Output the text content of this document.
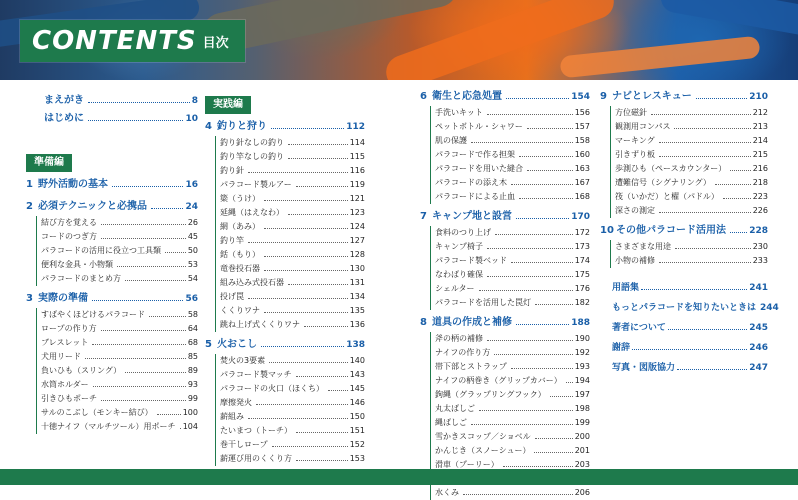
CONTENTS 目次
まえがき	8
はじめに	10
準備編
1 野外活動の基本	16
2 必須テクニックと必携品	24
結び方を覚える	26
コードのつぎ方	45
パラコードの活用に役立つ工具類	50
便利な金具・小物類	53
パラコードのまとめ方	54
3 実際の準備	56
すばやくほどけるパラコード	58
ロープの作り方	64
ブレスレット	68
犬用リード	85
負いひも（スリング）	89
水筒ホルダー	93
引きひもポーチ	99
サルのこぶし（モンキー結び）	100
十徳ナイフ（マルチツール）用ポーチ 104
実践編
4 釣りと狩り	112
釣り針なしの釣り	114
釣り竿なしの釣り	115
釣り針	116
パラコード製ルアー	119
簗（うけ）	121
延縄（はえなわ）	123
網（あみ）	124
釣り竿	127
銛（もり）	128
竜巻投石器	130
組み込み式投石器	131
投げ罠	134
くくりワナ	135
跳ね上げ式くくりワナ	136
5 火おこし	138
焚火の3要素	140
パラコード製マッチ	143
パラコードの火口（ほくち）	145
摩擦発火	146
薪組み	150
たいまつ（トーチ）	151
巻干しロープ	152
薪運び用のくくり方	153
6 衛生と応急処置	154
手洗いキット	156
ペットボトル・シャワー	157
肌の保護	158
パラコードで作る担架	160
パラコードを用いた縫合	163
パラコードの添え木	167
パラコードによる止血	168
7 キャンプ地と設営	170
食料のつり上げ	172
キャンプ椅子	173
パラコード製ベッド	174
なわばり確保	175
シェルター	176
パラコードを活用した罠灯	182
8 道具の作成と補修	188
斧の柄の補修	190
ナイフの作り方	192
帯下部とストラップ	193
ナイフの柄巻き（グリップカバー） 194
鉤縄（グラップリングフック）	197
丸太ばしご	198
縄ばしご	199
雪かきスコップ／ショベル	200
かんじき（スノーシュー）	201
滑車（プーリー）	203
水くみ	206
9 ナビとレスキュー	210
方位磁針	212
観測用コンパス	213
マーキング	214
引きずり板	215
歩測ひも（ペースカウンター）	216
遭難信号（シグナリング）	218
筏（いかだ）と櫂（パドル）	223
深さの測定	226
10 その他パラコード活用法	228
さまざまな用途	230
小物の補修	233
用語集	241
もっとパラコードを知りたいときは 244
著者について	245
謝辞	246
写真・図版協力	247
